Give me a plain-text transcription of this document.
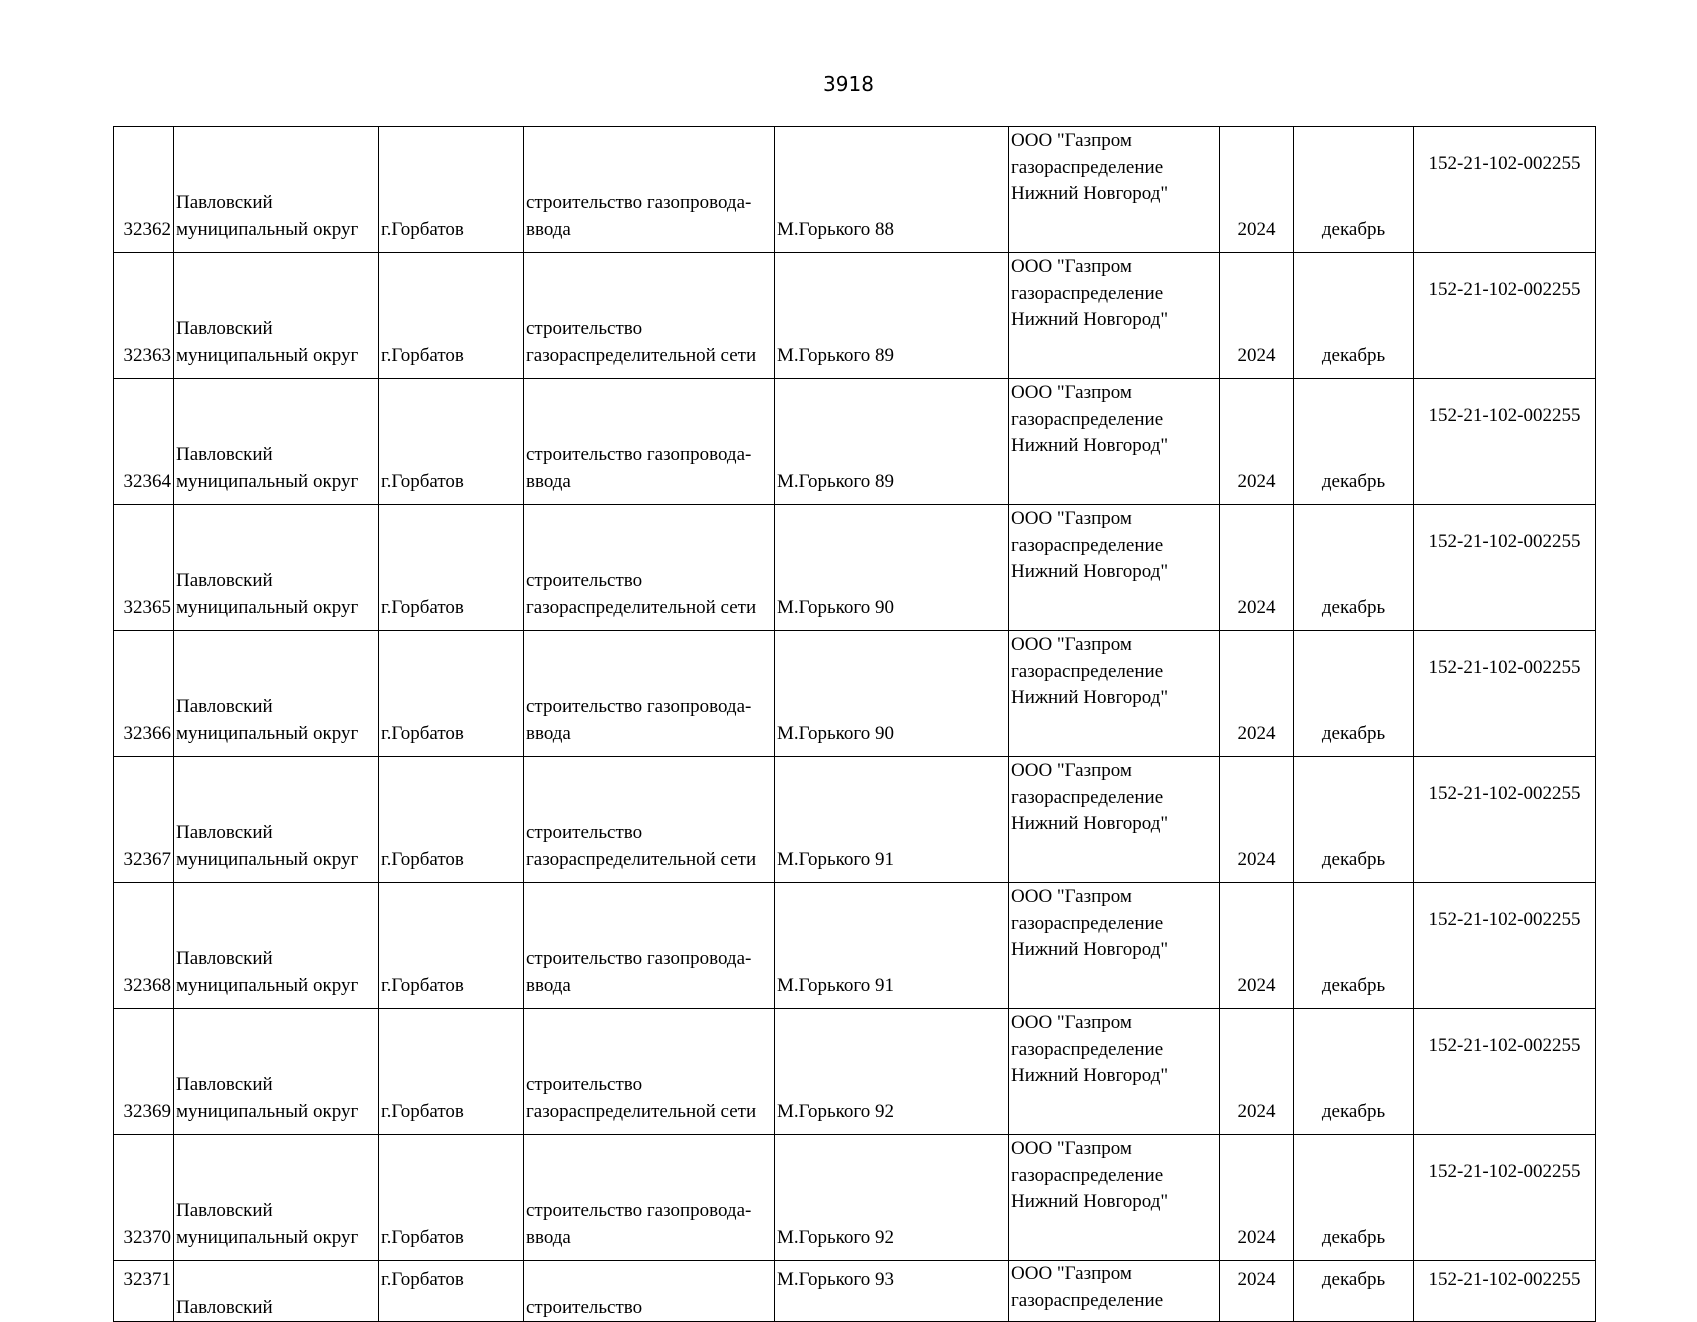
3918
32362	Павловский
муниципальный округ	г.Горбатов	строительство газопровода-
ввода	М.Горького 88	ООО "Газпром
газораспределение
Нижний Новгород"	2024	декабрь	152-21-102-002255
32363	Павловский
муниципальный округ	г.Горбатов	строительство
газораспределительной сети	М.Горького 89	ООО "Газпром
газораспределение
Нижний Новгород"	2024	декабрь	152-21-102-002255
32364	Павловский
муниципальный округ	г.Горбатов	строительство газопровода-
ввода	М.Горького 89	ООО "Газпром
газораспределение
Нижний Новгород"	2024	декабрь	152-21-102-002255
32365	Павловский
муниципальный округ	г.Горбатов	строительство
газораспределительной сети	М.Горького 90	ООО "Газпром
газораспределение
Нижний Новгород"	2024	декабрь	152-21-102-002255
32366	Павловский
муниципальный округ	г.Горбатов	строительство газопровода-
ввода	М.Горького 90	ООО "Газпром
газораспределение
Нижний Новгород"	2024	декабрь	152-21-102-002255
32367	Павловский
муниципальный округ	г.Горбатов	строительство
газораспределительной сети	М.Горького 91	ООО "Газпром
газораспределение
Нижний Новгород"	2024	декабрь	152-21-102-002255
32368	Павловский
муниципальный округ	г.Горбатов	строительство газопровода-
ввода	М.Горького 91	ООО "Газпром
газораспределение
Нижний Новгород"	2024	декабрь	152-21-102-002255
32369	Павловский
муниципальный округ	г.Горбатов	строительство
газораспределительной сети	М.Горького 92	ООО "Газпром
газораспределение
Нижний Новгород"	2024	декабрь	152-21-102-002255
32370	Павловский
муниципальный округ	г.Горбатов	строительство газопровода-
ввода	М.Горького 92	ООО "Газпром
газораспределение
Нижний Новгород"	2024	декабрь	152-21-102-002255
32371	Павловский	г.Горбатов	строительство	М.Горького 93	ООО "Газпром
газораспределение	2024	декабрь	152-21-102-002255
